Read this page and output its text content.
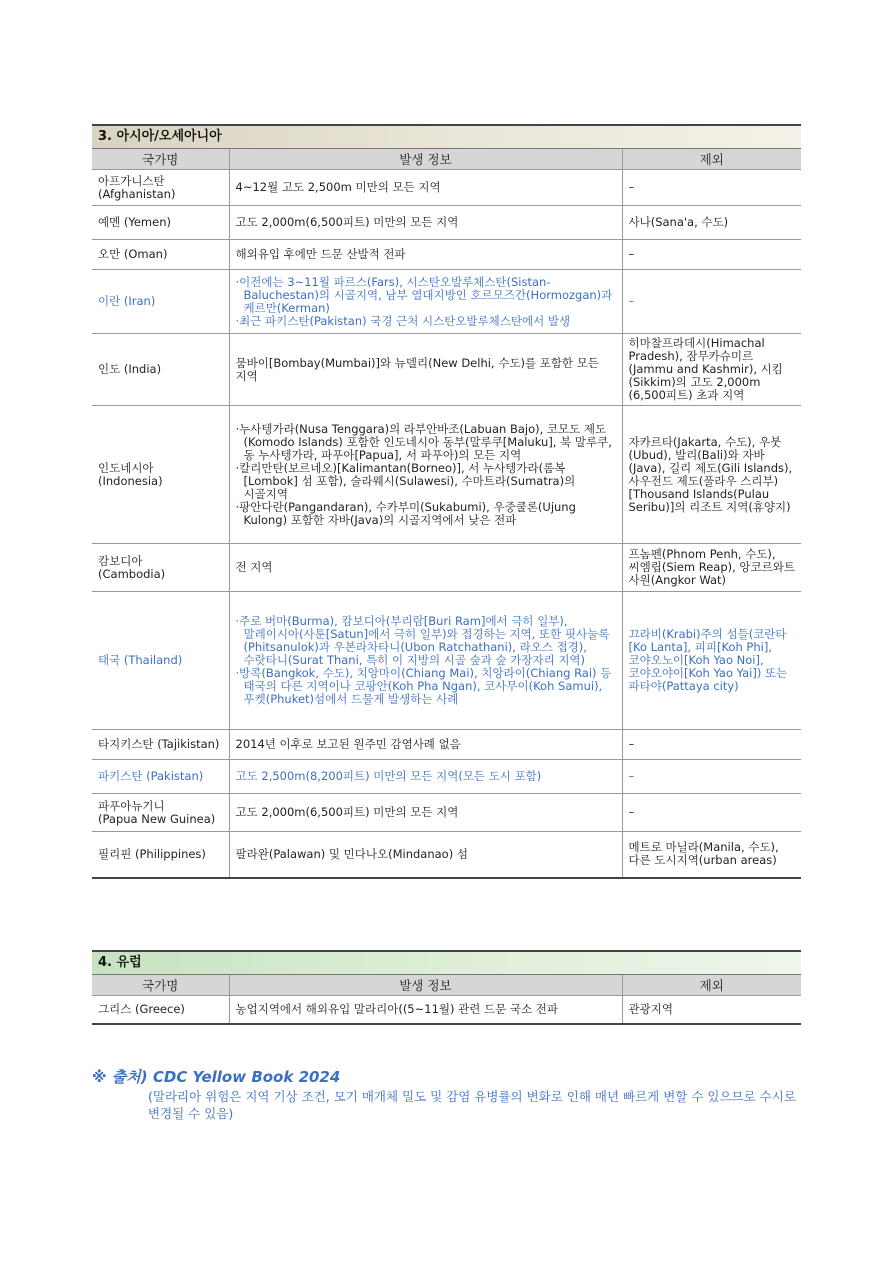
3. 아시아/오세아니아
국가명	발생 정보	제외

아프가니스탄
(Afghanistan)	4~12월 고도 2,500m 미만의 모든 지역	–
예멘 (Yemen)	고도 2,000m(6,500피트) 미만의 모든 지역	사나(Sana'a, 수도)
오만 (Oman)	해외유입 후에만 드문 산발적 전파	–
이란 (Iran)	·이전에는 3~11월 파르스(Fars), 시스탄오발루체스탄(Sistan-Baluchestan)의 시골지역, 남부 열대지방인 호르모즈간(Hormozgan)과 케르만(Kerman)
·최근 파키스탄(Pakistan) 국경 근처 시스탄오발루체스탄에서 발생	–
인도 (India)	뭄바이[Bombay(Mumbai)]와 뉴델리(New Delhi, 수도)를 포함한 모든 지역	히마찰프라데시(Himachal Pradesh), 잠무카슈미르(Jammu and Kashmir), 시킴(Sikkim)의 고도 2,000m (6,500피트) 초과 지역

인도네시아
(Indonesia)	·누사텡가라(Nusa Tenggara)의 라부안바조(Labuan Bajo), 코모도 제도(Komodo Islands) 포함한 인도네시아 동부(말루쿠[Maluku], 북 말루쿠, 동 누사텡가라, 파푸아[Papua], 서 파푸아)의 모든 지역
·칼리만탄(보르네오)[Kalimantan(Borneo)], 서 누사텡가라(롬복[Lombok] 섬 포함), 술라웨시(Sulawesi), 수마트라(Sumatra)의 시골지역
·팡안다란(Pangandaran), 수카부미(Sukabumi), 우중쿨론(Ujung Kulong) 포함한 자바(Java)의 시골지역에서 낮은 전파	자카르타(Jakarta, 수도), 우붓(Ubud), 발리(Bali)와 자바(Java), 길리 제도(Gili Islands), 사우전드 제도(풀라우 스리부)[Thousand Islands(Pulau Seribu)]의 리조트 지역(휴양지)

캄보디아
(Cambodia)	전 지역	프놈펜(Phnom Penh, 수도), 씨엠립(Siem Reap), 앙코르와트 사원(Angkor Wat)
태국 (Thailand)	·주로 버마(Burma), 캄보디아(부리람[Buri Ram]에서 극히 일부), 말레이시아(사툰[Satun]에서 극히 일부)와 접경하는 지역, 또한 핏사눌록(Phitsanulok)과 우본라차타니(Ubon Ratchathani), 라오스 접경), 수랏타니(Surat Thani, 특히 이 지방의 시골 숲과 숲 가장자리 지역)
·방콕(Bangkok, 수도), 치앙마이(Chiang Mai), 치앙라이(Chiang Rai) 등 태국의 다른 지역이나 코팡안(Koh Pha Ngan), 코사무이(Koh Samui), 푸켓(Phuket)섬에서 드물게 발생하는 사례	끄라비(Krabi)주의 섬들(코란타[Ko Lanta], 피피[Koh Phi], 코야오노이[Koh Yao Noi], 코야오야이[Koh Yao Yai]) 또는 파타야(Pattaya city)
타지키스탄 (Tajikistan)	2014년 이후로 보고된 원주민 감염사례 없음	–
파키스탄 (Pakistan)	고도 2,500m(8,200피트) 미만의 모든 지역(모든 도시 포함)	–

파푸아뉴기니
(Papua New Guinea)	고도 2,000m(6,500피트) 미만의 모든 지역	–
필리핀 (Philippines)	팔라완(Palawan) 및 민다나오(Mindanao) 섬	메트로 마닐라(Manila, 수도), 다른 도시지역(urban areas)
4. 유럽
국가명	발생 정보	제외
그리스 (Greece)	농업지역에서 해외유입 말라리아((5~11월) 관련 드문 국소 전파	관광지역
※ 출처) CDC Yellow Book 2024
(말라리아 위험은 지역 기상 조건, 모기 매개체 밀도 및 감염 유병률의 변화로 인해 매년 빠르게 변할 수 있으므로 수시로 변경될 수 있음)
